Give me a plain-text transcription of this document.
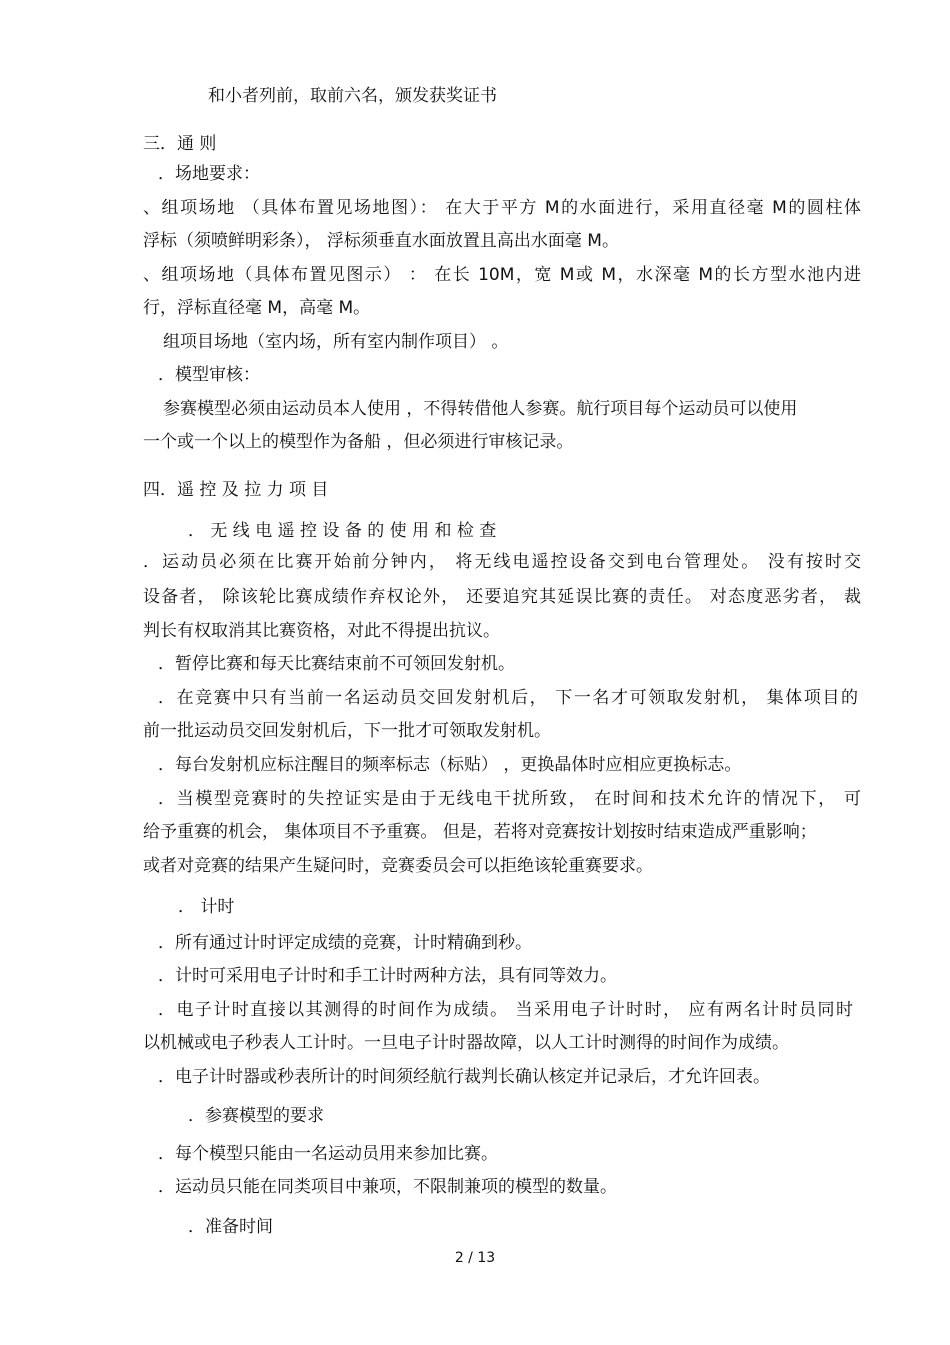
和小者列前，取前六名，颁发获奖证书
三．通 则
．场地要求：
、组项场地 （具体布置见场地图）： 在大于平方 M的水面进行，采用直径毫 M的圆柱体
浮标（须喷鲜明彩条）， 浮标须垂直水面放置且高出水面毫 M。
、组项场地（具体布置见图示） ： 在长 10M，宽 M或 M，水深毫 M的长方型水池内进
行，浮标直径毫 M，高毫 M。
组项目场地（室内场，所有室内制作项目） 。
．模型审核：
参赛模型必须由运动员本人使用 ，不得转借他人参赛。航行项目每个运动员可以使用
一个或一个以上的模型作为备船 ，但必须进行审核记录。
四．遥 控 及 拉 力 项 目
． 无 线 电 遥 控 设 备 的 使 用 和 检 查
．运动员必须在比赛开始前分钟内， 将无线电遥控设备交到电台管理处。 没有按时交
设备者， 除该轮比赛成绩作弃权论外， 还要追究其延误比赛的责任。 对态度恶劣者， 裁
判长有权取消其比赛资格，对此不得提出抗议。
．暂停比赛和每天比赛结束前不可领回发射机。
．在竞赛中只有当前一名运动员交回发射机后， 下一名才可领取发射机， 集体项目的
前一批运动员交回发射机后，下一批才可领取发射机。
．每台发射机应标注醒目的频率标志（标贴） ，更换晶体时应相应更换标志。
．当模型竞赛时的失控证实是由于无线电干扰所致， 在时间和技术允许的情况下， 可
给予重赛的机会， 集体项目不予重赛。 但是，若将对竞赛按计划按时结束造成严重影响；
或者对竞赛的结果产生疑问时，竞赛委员会可以拒绝该轮重赛要求。
． 计时
．所有通过计时评定成绩的竞赛，计时精确到秒。
．计时可采用电子计时和手工计时两种方法，具有同等效力。
．电子计时直接以其测得的时间作为成绩。 当采用电子计时时， 应有两名计时员同时
以机械或电子秒表人工计时。一旦电子计时器故障，以人工计时测得的时间作为成绩。
．电子计时器或秒表所计的时间须经航行裁判长确认核定并记录后，才允许回表。
．参赛模型的要求
．每个模型只能由一名运动员用来参加比赛。
．运动员只能在同类项目中兼项，不限制兼项的模型的数量。
．准备时间
2 / 13
